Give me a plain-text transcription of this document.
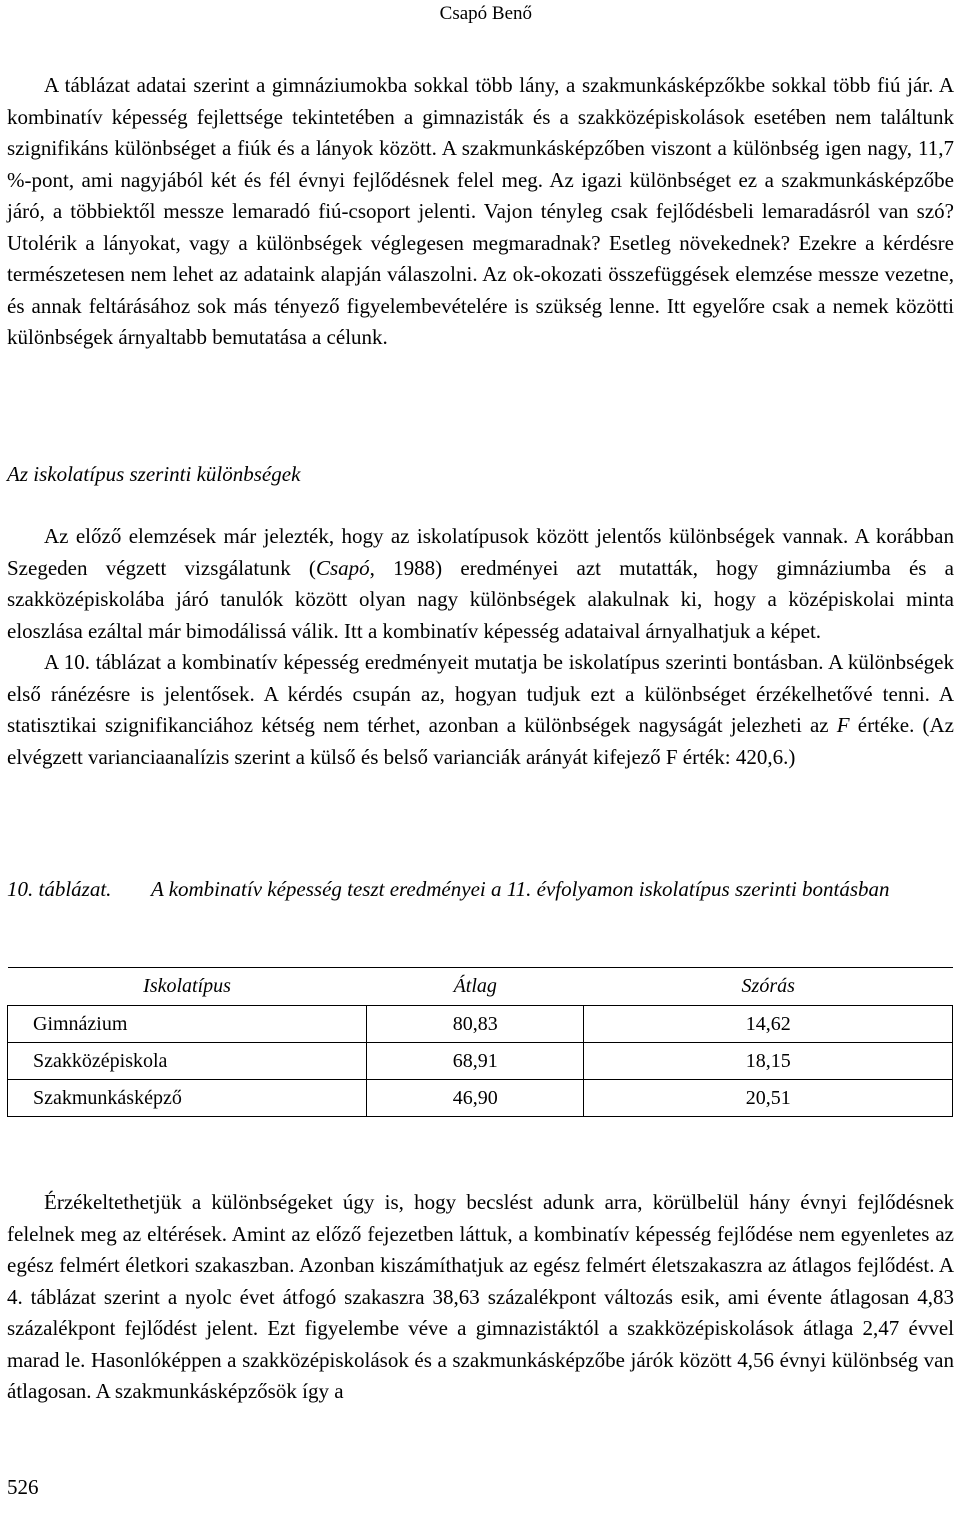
Csapó Benő

A táblázat adatai szerint a gimnáziumokba sokkal több lány, a szakmunkásképzőkbe sokkal több fiú jár. A kombinatív képesség fejlettsége tekintetében a gimnazisták és a szakközépiskolások esetében nem találtunk szignifikáns különbséget a fiúk és a lányok között. A szakmunkásképzőben viszont a különbség igen nagy, 11,7 %-pont, ami nagyjából két és fél évnyi fejlődésnek felel meg. Az igazi különbséget ez a szakmunkásképzőbe járó, a többiektől messze lemaradó fiú-csoport jelenti. Vajon tényleg csak fejlődésbeli lemaradásról van szó? Utolérik a lányokat, vagy a különbségek véglegesen megmaradnak? Esetleg növekednek? Ezekre a kérdésre természetesen nem lehet az adataink alapján válaszolni. Az ok-okozati összefüggések elemzése messze vezetne, és annak feltárásához sok más tényező figyelembevételére is szükség lenne. Itt egyelőre csak a nemek közötti különbségek árnyaltabb bemutatása a célunk.

Az iskolatípus szerinti különbségek

Az előző elemzések már jelezték, hogy az iskolatípusok között jelentős különbségek vannak. A korábban Szegeden végzett vizsgálatunk (Csapó, 1988) eredményei azt mutatták, hogy gimnáziumba és a szakközépiskolába járó tanulók között olyan nagy különbségek alakulnak ki, hogy a középiskolai minta eloszlása ezáltal már bimodálissá válik. Itt a kombinatív képesség adataival árnyalhatjuk a képet.

A 10. táblázat a kombinatív képesség eredményeit mutatja be iskolatípus szerinti bontásban. A különbségek első ránézésre is jelentősek. A kérdés csupán az, hogyan tudjuk ezt a különbséget érzékelhetővé tenni. A statisztikai szignifikanciához kétség nem térhet, azonban a különbségek nagyságát jelezheti az F értéke. (Az elvégzett varianciaanalízis szerint a külső és belső varianciák arányát kifejező F érték: 420,6.)

10. táblázat. A kombinatív képesség teszt eredményei a 11. évfolyamon iskolatípus szerinti bontásban
Iskolatípus	Átlag	Szórás
Gimnázium	80,83	14,62
Szakközépiskola	68,91	18,15
Szakmunkásképző	46,90	20,51

Érzékeltethetjük a különbségeket úgy is, hogy becslést adunk arra, körülbelül hány évnyi fejlődésnek felelnek meg az eltérések. Amint az előző fejezetben láttuk, a kombinatív képesség fejlődése nem egyenletes az egész felmért életkori szakaszban. Azonban kiszámíthatjuk az egész felmért életszakaszra az átlagos fejlődést. A 4. táblázat szerint a nyolc évet átfogó szakaszra 38,63 százalékpont változás esik, ami évente átlagosan 4,83 százalékpont fejlődést jelent. Ezt figyelembe véve a gimnazistáktól a szakközépiskolások átlaga 2,47 évvel marad le. Hasonlóképpen a szakközépiskolások és a szakmunkásképzőbe járók között 4,56 évnyi különbség van átlagosan. A szakmunkásképzősök így a

526
